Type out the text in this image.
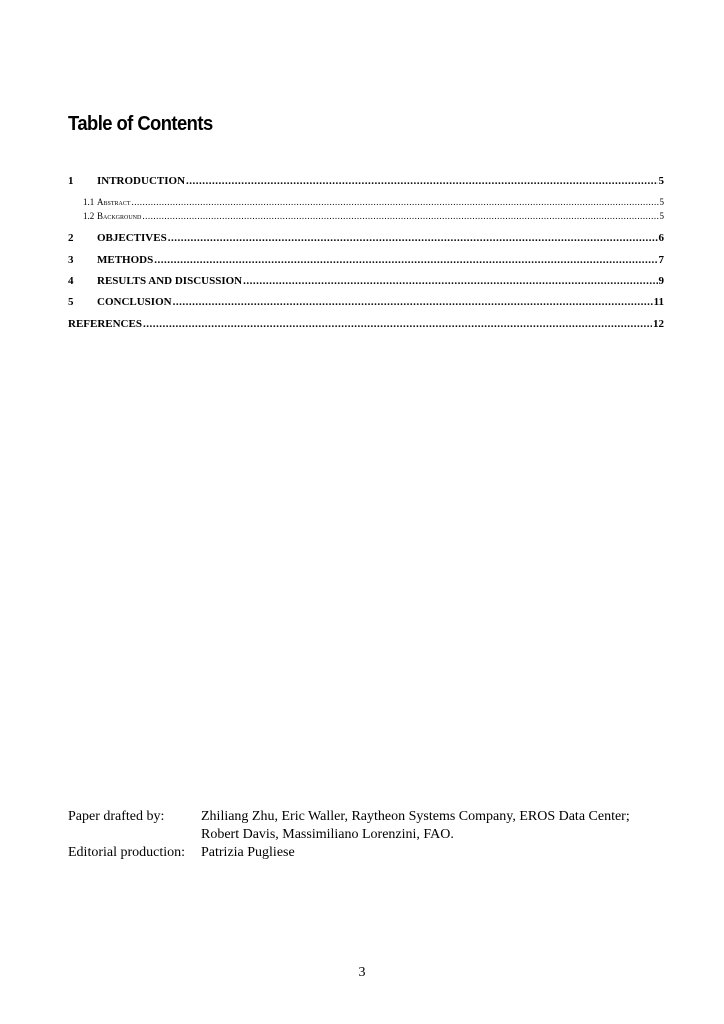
Table of Contents
1	INTRODUCTION .....	5
1.1 Abstract .....	5
1.2 Background .....	5
2	OBJECTIVES .....	6
3	METHODS .....	7
4	RESULTS AND DISCUSSION .....	9
5	CONCLUSION .....	11
REFERENCES .....	12
Paper drafted by:	Zhiliang Zhu, Eric Waller, Raytheon Systems Company, EROS Data Center;
Robert Davis, Massimiliano Lorenzini, FAO.
Editorial production:	Patrizia Pugliese
3
